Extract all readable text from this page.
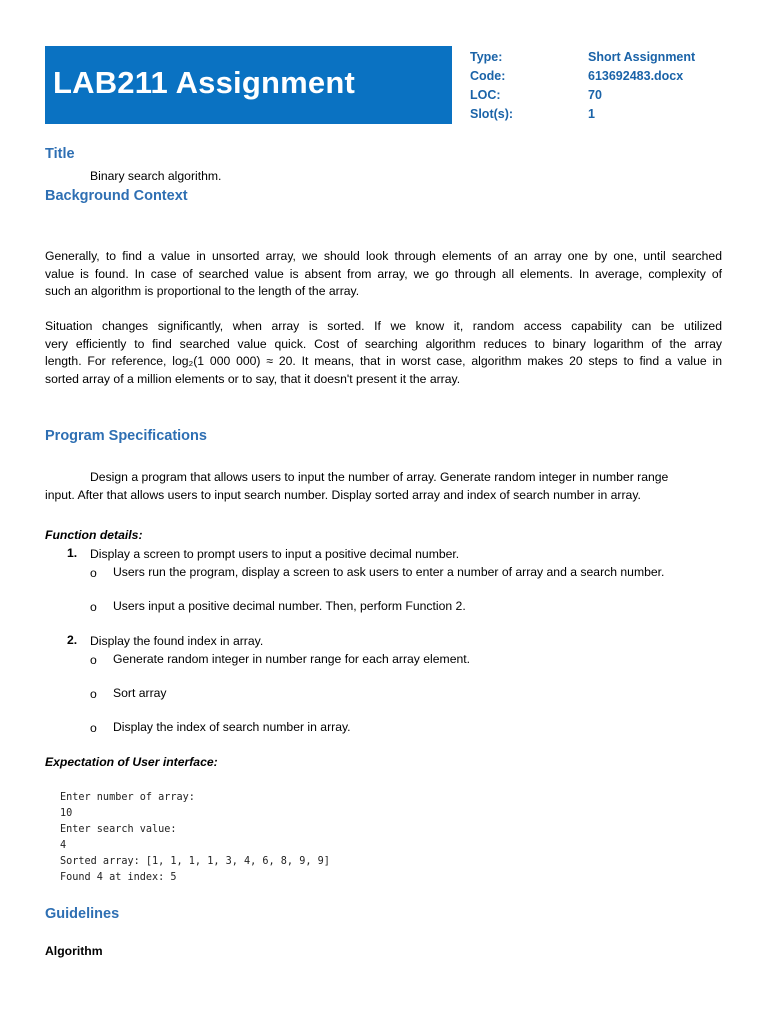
LAB211 Assignment
Type:	Short Assignment
Code:	613692483.docx
LOC:	70
Slot(s):	1
Title
Binary search algorithm.
Background Context
Generally, to find a value in unsorted array, we should look through elements of an array one by one, until searched
value is found. In case of searched value is absent from array, we go through all elements. In average, complexity of
such an algorithm is proportional to the length of the array.
Situation changes significantly, when array is sorted. If we know it, random access capability can be utilized
very efficiently to find searched value quick. Cost of searching algorithm reduces to binary logarithm of the array
length. For reference, log₂(1 000 000) ≈ 20. It means, that in worst case, algorithm makes 20 steps to find a value in
sorted array of a million elements or to say, that it doesn't present it the array.
Program Specifications
Design a program that allows users to input the number of array. Generate random integer in number range
input. After that allows users to input search number. Display sorted array and index of search number in array.
Function details:
1. Display a screen to prompt users to input a positive decimal number.
o Users run the program, display a screen to ask users to enter a number of array and a search number.
o Users input a positive decimal number. Then, perform Function 2.
2. Display the found index in array.
o Generate random integer in number range for each array element.
o Sort array
o Display the index of search number in array.
Expectation of User interface:
Enter number of array:
10
Enter search value:
4
Sorted array: [1, 1, 1, 1, 3, 4, 6, 8, 9, 9]
Found 4 at index: 5
Guidelines
Algorithm
